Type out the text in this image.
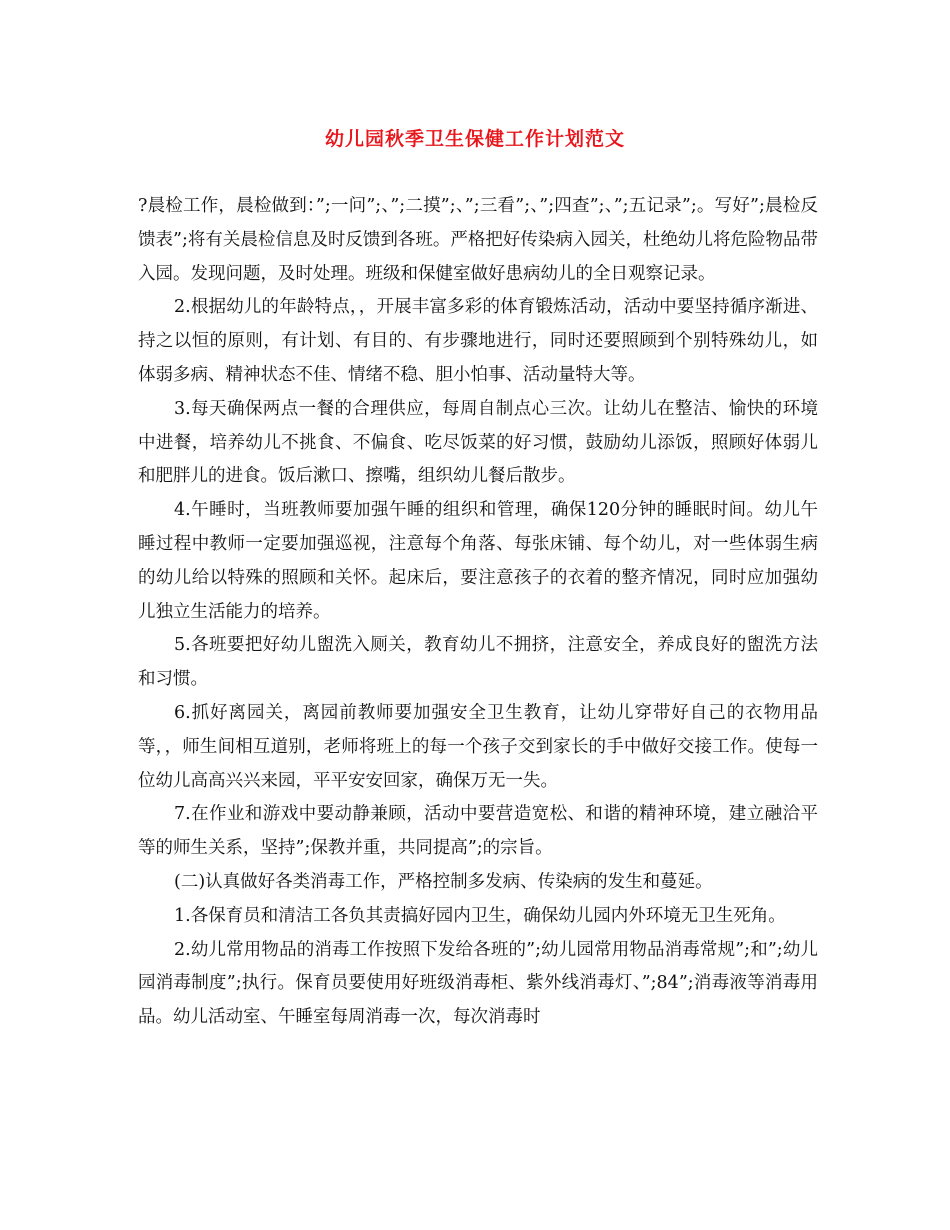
幼儿园秋季卫生保健工作计划范文

?晨检工作，晨检做到：”;一问”;、”;二摸”;、”;三看”;、”;四查”;、”;五记录”;。写好”;晨检反馈表”;将有关晨检信息及时反馈到各班。严格把好传染病入园关，杜绝幼儿将危险物品带入园。发现问题，及时处理。班级和保健室做好患病幼儿的全日观察记录。

2.根据幼儿的年龄特点，，开展丰富多彩的体育锻炼活动，活动中要坚持循序渐进、持之以恒的原则，有计划、有目的、有步骤地进行，同时还要照顾到个别特殊幼儿，如体弱多病、精神状态不佳、情绪不稳、胆小怕事、活动量特大等。

3.每天确保两点一餐的合理供应，每周自制点心三次。让幼儿在整洁、愉快的环境中进餐，培养幼儿不挑食、不偏食、吃尽饭菜的好习惯，鼓励幼儿添饭，照顾好体弱儿和肥胖儿的进食。饭后漱口、擦嘴，组织幼儿餐后散步。

4.午睡时，当班教师要加强午睡的组织和管理，确保120分钟的睡眠时间。幼儿午睡过程中教师一定要加强巡视，注意每个角落、每张床铺、每个幼儿，对一些体弱生病的幼儿给以特殊的照顾和关怀。起床后，要注意孩子的衣着的整齐情况，同时应加强幼儿独立生活能力的培养。

5.各班要把好幼儿盥洗入厕关，教育幼儿不拥挤，注意安全，养成良好的盥洗方法和习惯。

6.抓好离园关，离园前教师要加强安全卫生教育，让幼儿穿带好自己的衣物用品等，，师生间相互道别，老师将班上的每一个孩子交到家长的手中做好交接工作。使每一位幼儿高高兴兴来园，平平安安回家，确保万无一失。

7.在作业和游戏中要动静兼顾，活动中要营造宽松、和谐的精神环境，建立融洽平等的师生关系，坚持”;保教并重，共同提高”;的宗旨。

(二)认真做好各类消毒工作，严格控制多发病、传染病的发生和蔓延。

1.各保育员和清洁工各负其责搞好园内卫生，确保幼儿园内外环境无卫生死角。

2.幼儿常用物品的消毒工作按照下发给各班的”;幼儿园常用物品消毒常规”;和”;幼儿园消毒制度”;执行。保育员要使用好班级消毒柜、紫外线消毒灯、”;84”;消毒液等消毒用品。幼儿活动室、午睡室每周消毒一次，每次消毒时
